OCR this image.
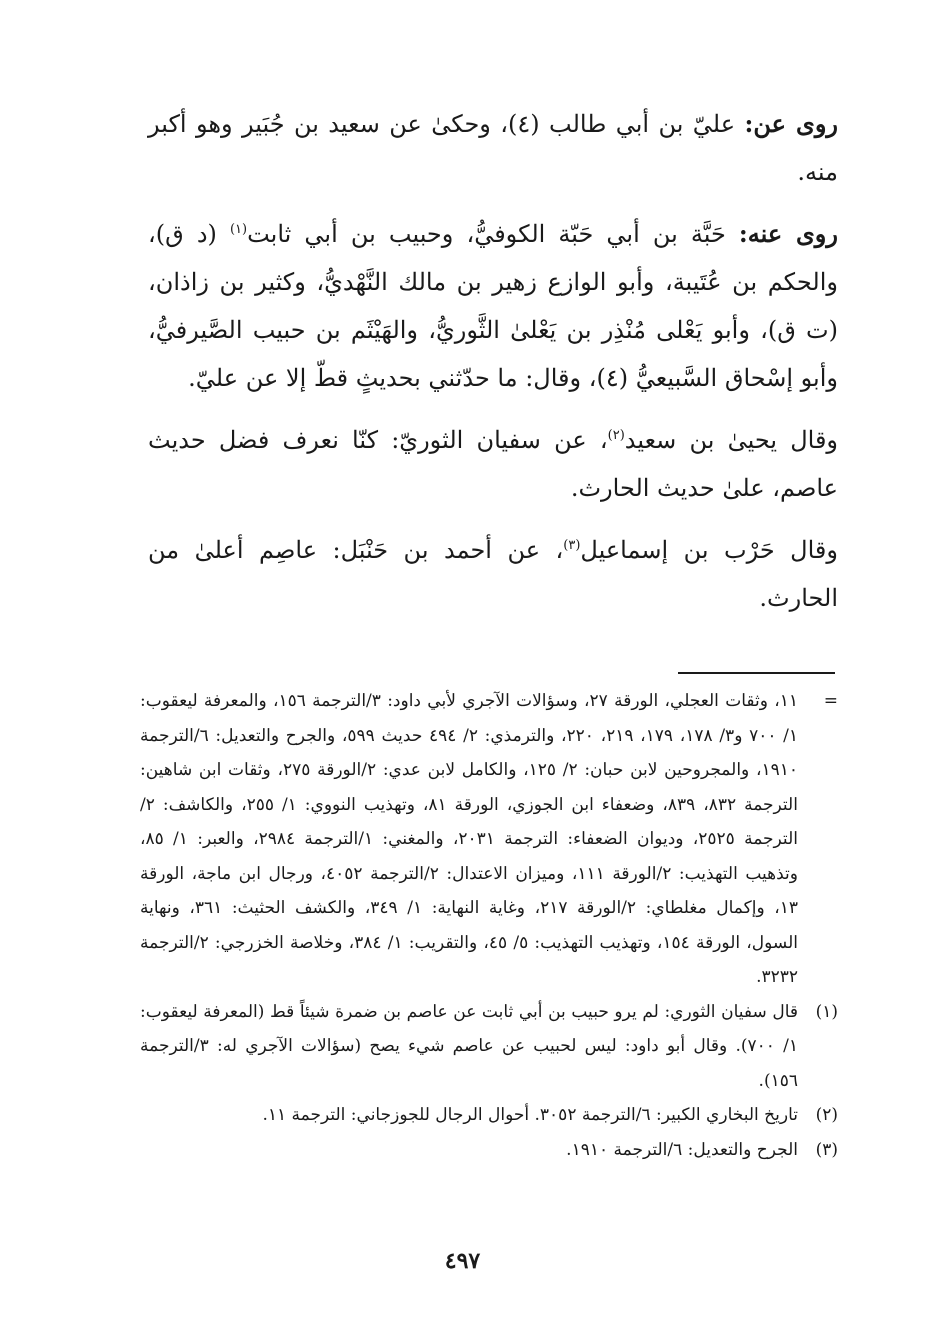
روى عن: عليّ بن أبي طالب (٤)، وحكىٰ عن سعيد بن جُبَير وهو أكبر منه.

روى عنه: حَبَّة بن أبي حَبّة الكوفيُّ، وحبيب بن أبي ثابت$^{(١)}$ (د ق)، والحكم بن عُتَيبة، وأبو الوازع زهير بن مالك النَّهْديُّ، وكثير بن زاذان، (ت ق)، وأبو يَعْلى مُنْذِر بن يَعْلىٰ الثَّوريُّ، والهَيْثَم بن حبيب الصَّيرفيُّ، وأبو إسْحاق السَّبيعيُّ (٤)، وقال: ما حدّثني بحديثٍ قطّ إلا عن عليّ.

وقال يحيىٰ بن سعيد$^{(٢)}$، عن سفيان الثوريّ: كنّا نعرف فضل حديث عاصم، علىٰ حديث الحارث.

وقال حَرْب بن إسماعيل$^{(٣)}$، عن أحمد بن حَنْبَل: عاصِم أعلىٰ من الحارث.

=
١١، وثقات العجلي، الورقة ٢٧، وسؤالات الآجري لأبي داود: ٣/الترجمة ١٥٦، والمعرفة ليعقوب: ١/ ٧٠٠ و٣/ ١٧٨، ١٧٩، ٢١٩، ٢٢٠، والترمذي: ٢/ ٤٩٤ حديث ٥٩٩، والجرح والتعديل: ٦/الترجمة ١٩١٠، والمجروحين لابن حبان: ٢/ ١٢٥، والكامل لابن عدي: ٢/الورقة ٢٧٥، وثقات ابن شاهين: الترجمة ٨٣٢، ٨٣٩، وضعفاء ابن الجوزي، الورقة ٨١، وتهذيب النووي: ١/ ٢٥٥، والكاشف: ٢/الترجمة ٢٥٢٥، وديوان الضعفاء: الترجمة ٢٠٣١، والمغني: ١/الترجمة ٢٩٨٤، والعبر: ١/ ٨٥، وتذهيب التهذيب: ٢/الورقة ١١١، وميزان الاعتدال: ٢/الترجمة ٤٠٥٢، ورجال ابن ماجة، الورقة ١٣، وإكمال مغلطاي: ٢/الورقة ٢١٧، وغاية النهاية: ١/ ٣٤٩، والكشف الحثيث: ٣٦١، ونهاية السول، الورقة ١٥٤، وتهذيب التهذيب: ٥/ ٤٥، والتقريب: ١/ ٣٨٤، وخلاصة الخزرجي: ٢/الترجمة ٣٢٣٢.

(١)
قال سفيان الثوري: لم يرو حبيب بن أبي ثابت عن عاصم بن ضمرة شيئاً قط (المعرفة ليعقوب: ١/ ٧٠٠). وقال أبو داود: ليس لحبيب عن عاصم شيء يصح (سؤالات الآجري له: ٣/الترجمة ١٥٦).

(٢)
تاريخ البخاري الكبير: ٦/الترجمة ٣٠٥٢. أحوال الرجال للجوزجاني: الترجمة ١١.

(٣)
الجرح والتعديل: ٦/الترجمة ١٩١٠.

٤٩٧
